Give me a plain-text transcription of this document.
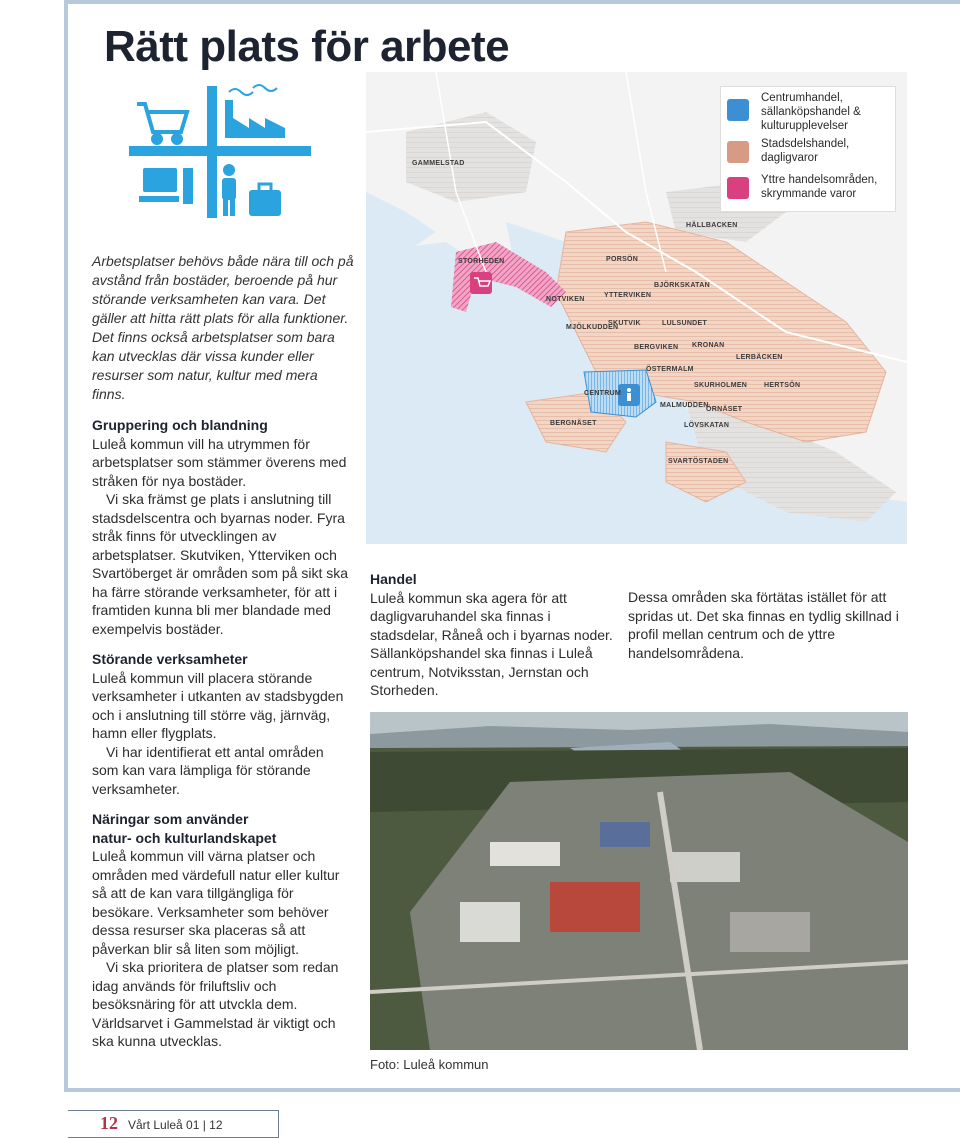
Rätt plats för arbete

Arbetsplatser behövs både nära till och på avstånd från bostäder, beroende på hur störande verksamheten kan vara. Det gäller att hitta rätt plats för alla funktioner. Det finns också arbetsplatser som bara kan utvecklas där vissa kunder eller resurser som natur, kultur med mera finns.

Gruppering och blandning

Luleå kommun vill ha utrymmen för arbetsplatser som stämmer överens med stråken för nya bostäder.

Vi ska främst ge plats i anslutning till stadsdelscentra och byarnas noder. Fyra stråk finns för utvecklingen av arbetsplatser. Skutviken, Ytterviken och Svartöberget är områden som på sikt ska ha färre störande verksamheter, för att i framtiden kunna bli mer blandade med exempelvis bostäder.

Störande verksamheter

Luleå kommun vill placera störande verksamheter i utkanten av stadsbygden och i anslutning till större väg, järnväg, hamn eller flygplats.

Vi har identifierat ett antal områden som kan vara lämpliga för störande verksamheter.

Näringar som använder

natur- och kulturlandskapet

Luleå kommun vill värna platser och områden med värdefull natur eller kultur så att de kan vara tillgängliga för besökare. Verksamheter som behöver dessa resurser ska placeras så att påverkan blir så liten som möjligt.

Vi ska prioritera de platser som redan idag används för friluftsliv och besöksnäring för att utvckla dem. Världsarvet i Gammelstad är viktigt och ska kunna utvecklas.

Handel

Luleå kommun ska agera för att dagligvaruhandel ska finnas i stadsdelar, Råneå och i byarnas noder. Sällanköpshandel ska finnas i Luleå centrum, Notviksstan, Jernstan och Storheden.

Dessa områden ska förtätas istället för att spridas ut. Det ska finnas en tydlig skillnad i profil mellan centrum och de yttre handelsområdena.

GAMMELSTAD
HÄLLBACKEN
STORHEDEN	PORSÖN
BJÖRKSKATAN
YTTERVIKEN
NOTVIKEN
MJÖLKUDDEN
SKUTVIK	LULSUNDET
KRONAN
BERGVIKEN
LERBÄCKEN
ÖSTERMALM
CENTRUM
SKURHOLMEN HERTSÖN
MALMUDDEN
ÖRNÄSET
BERGNÄSET	LÖVSKATAN
SVARTÖSTADEN
Centrumhandel, sällanköpshandel & kulturupplevelser
Stadsdelshandel, dagligvaror
Yttre handelsområden, skrymmande varor
Foto: Luleå kommun
12 Vårt Luleå 01 | 12
